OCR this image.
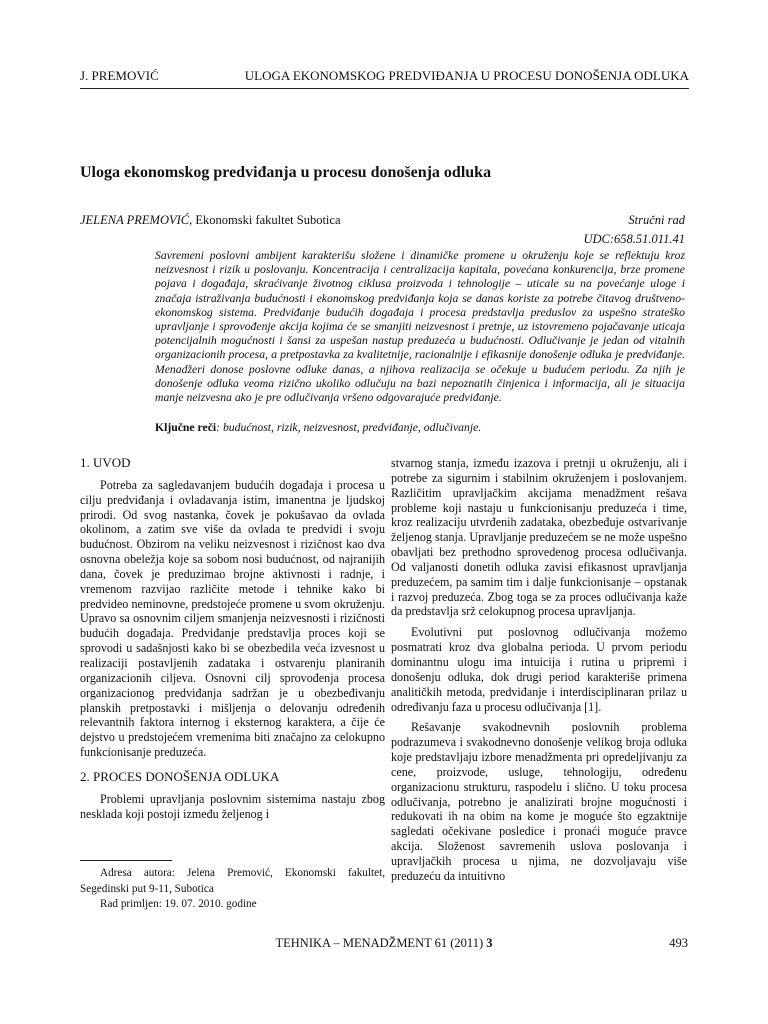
J. PREMOVIĆ	ULOGA EKONOMSKOG PREDVIĐANJA U PROCESU DONOŠENJA ODLUKA
Uloga ekonomskog predviđanja u procesu donošenja odluka
JELENA PREMOVIĆ, Ekonomski fakultet Subotica	Stručni rad
UDC:658.51.011.41
Savremeni poslovni ambijent karakterišu složene i dinamičke promene u okruženju koje se reflektuju kroz neizvesnost i rizik u poslovanju. Koncentracija i centralizacija kapitala, povećana konkurencija, brze promene pojava i događaja, skraćivanje životnog ciklusa proizvoda i tehnologije – uticale su na povećanje uloge i značaja istraživanja budućnosti i ekonomskog predviđanja koja se danas koriste za potrebe čitavog društveno-ekonomskog sistema. Predviđanje budućih događaja i procesa predstavlja preduslov za uspešno strateško upravljanje i sprovođenje akcija kojima će se smanjiti neizvesnost i pretnje, uz istovremeno pojačavanje uticaja potencijalnih mogućnosti i šansi za uspešan nastup preduzeća u budućnosti. Odlučivanje je jedan od vitalnih organizacionih procesa, a pretpostavka za kvalitetnije, racionalnije i efikasnije donošenje odluka je predviđanje. Menadžeri donose poslovne odluke danas, a njihova realizacija se očekuje u budućem periodu. Za njih je donošenje odluka veoma rizično ukoliko odlučuju na bazi nepoznatih činjenica i informacija, ali je situacija manje neizvesna ako je pre odlučivanja vršeno odgovarajuće predviđanje.
Ključne reči: budućnost, rizik, neizvesnost, predviđanje, odlučivanje.
1. UVOD

Potreba za sagledavanjem budućih događaja i procesa u cilju predviđanja i ovladavanja istim, imanentna je ljudskoj prirodi. Od svog nastanka, čovek je pokušavao da ovlada okolinom, a zatim sve više da ovlada te predvidi i svoju budućnost. Obzirom na veliku neizvesnost i rizičnost kao dva osnovna obeležja koje sa sobom nosi budućnost, od najranijih dana, čovek je preduzimao brojne aktivnosti i radnje, i vremenom razvijao različite metode i tehnike kako bi predvideo neminovne, predstojeće promene u svom okruženju. Upravo sa osnovnim ciljem smanjenja neizvesnosti i rizičnosti budućih događaja. Predviđanje predstavlja proces koji se sprovodi u sadašnjosti kako bi se obezbedila veća izvesnost u realizaciji postavljenih zadataka i ostvarenju planiranih organizacionih ciljeva. Osnovni cilj sprovođenja procesa organizacionog predviđanja sadržan je u obezbeđivanju planskih pretpostavki i mišljenja o delovanju određenih relevantnih faktora internog i eksternog karaktera, a čije će dejstvo u predstojećem vremenima biti značajno za celokupno funkcionisanje preduzeća.

2. PROCES DONOŠENJA ODLUKA

Problemi upravljanja poslovnim sistemima nastaju zbog nesklada koji postoji između željenog i

stvarnog stanja, između izazova i pretnji u okruženju, ali i potrebe za sigurnim i stabilnim okruženjem i poslovanjem. Različitim upravljačkim akcijama menadžment rešava probleme koji nastaju u funkcionisanju preduzeća i time, kroz realizaciju utvrđenih zadataka, obezbeđuje ostvarivanje željenog stanja. Upravljanje preduzećem se ne može uspešno obavljati bez prethodno sprovedenog procesa odlučivanja. Od valjanosti donetih odluka zavisi efikasnost upravljanja preduzećem, pa samim tim i dalje funkcionisanje – opstanak i razvoj preduzeća. Zbog toga se za proces odlučivanja kaže da predstavlja srž celokupnog procesa upravljanja.

Evolutivni put poslovnog odlučivanja možemo posmatrati kroz dva globalna perioda. U prvom periodu dominantnu ulogu ima intuicija i rutina u pripremi i donošenju odluka, dok drugi period karakteriše primena analitičkih metoda, predviđanje i interdisciplinaran prilaz u određivanju faza u procesu odlučivanja [1].

Rešavanje svakodnevnih poslovnih problema podrazumeva i svakodnevno donošenje velikog broja odluka koje predstavljaju izbore menadžmenta pri opredeljivanju za cene, proizvode, usluge, tehnologiju, određenu organizacionu strukturu, raspodelu i slično. U toku procesa odlučivanja, potrebno je analizirati brojne mogućnosti i redukovati ih na obim na kome je moguće što egzaktnije sagledati očekivane posledice i pronaći moguće pravce akcija. Složenost savremenih uslova poslovanja i upravljačkih procesa u njima, ne dozvoljavaju više preduzeću da intuitivno

Adresa autora: Jelena Premović, Ekonomski fakultet, Segedinski put 9-11, Subotica

Rad primljen: 19. 07. 2010. godine

TEHNIKA – MENADŽMENT 61 (2011) 3	493
